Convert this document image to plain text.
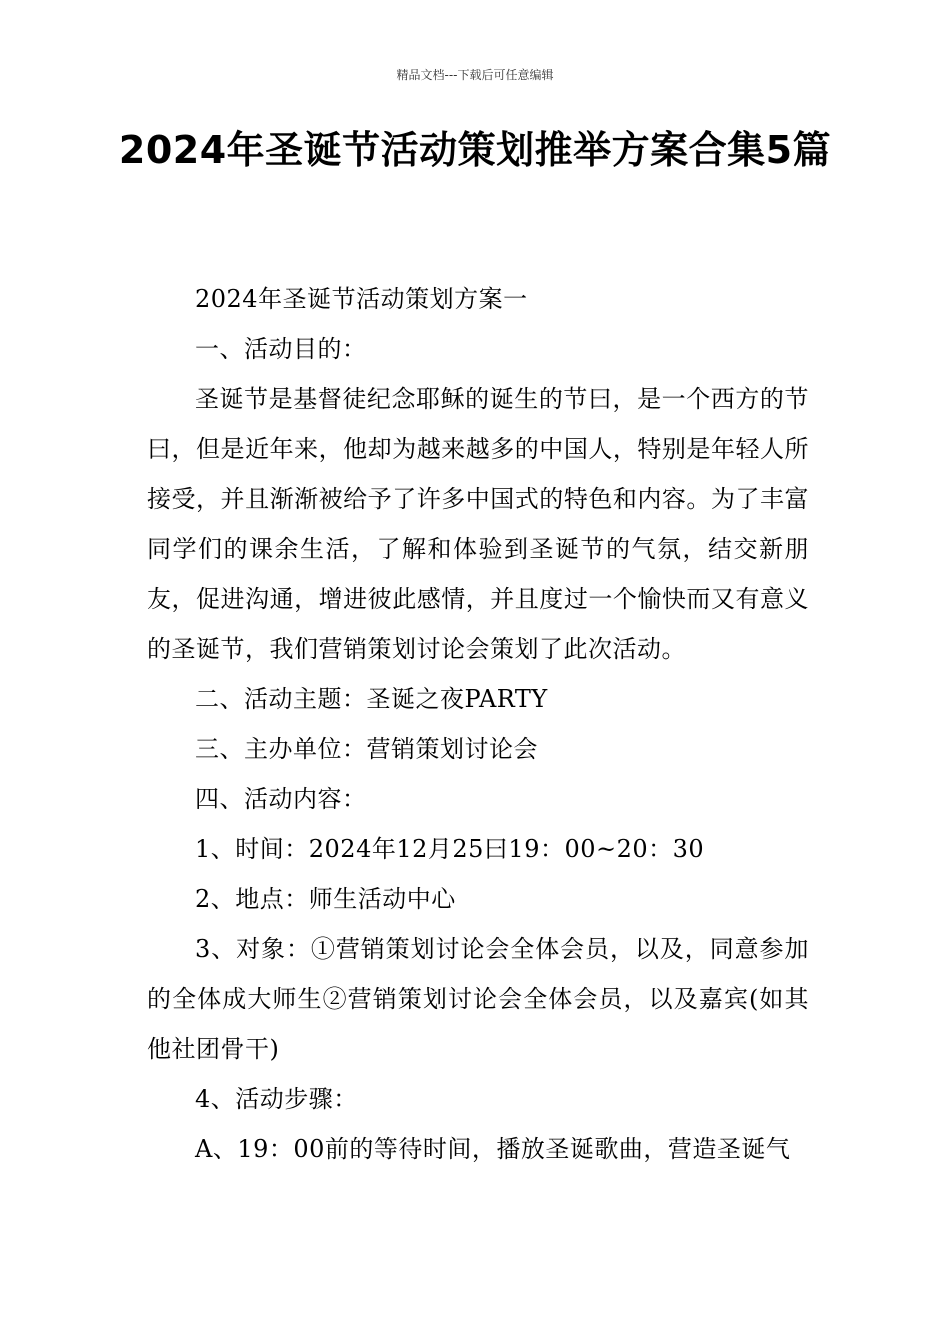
精品文档---下载后可任意编辑
2024年圣诞节活动策划推举方案合集5篇

2024年圣诞节活动策划方案一

一、活动目的：

圣诞节是基督徒纪念耶稣的诞生的节曰，是一个西方的节曰，但是近年来，他却为越来越多的中国人，特别是年轻人所接受，并且渐渐被给予了许多中国式的特色和内容。为了丰富同学们的课余生活，了解和体验到圣诞节的气氛，结交新朋友，促进沟通，增进彼此感情，并且度过一个愉快而又有意义的圣诞节，我们营销策划讨论会策划了此次活动。

二、活动主题：圣诞之夜PARTY

三、主办单位：营销策划讨论会

四、活动内容：

1、时间：2024年12月25曰19：00~20：30

2、地点：师生活动中心

3、对象：①营销策划讨论会全体会员，以及，同意参加的全体成大师生②营销策划讨论会全体会员，以及嘉宾(如其他社团骨干)

4、活动步骤：

A、19：00前的等待时间，播放圣诞歌曲，营造圣诞气
